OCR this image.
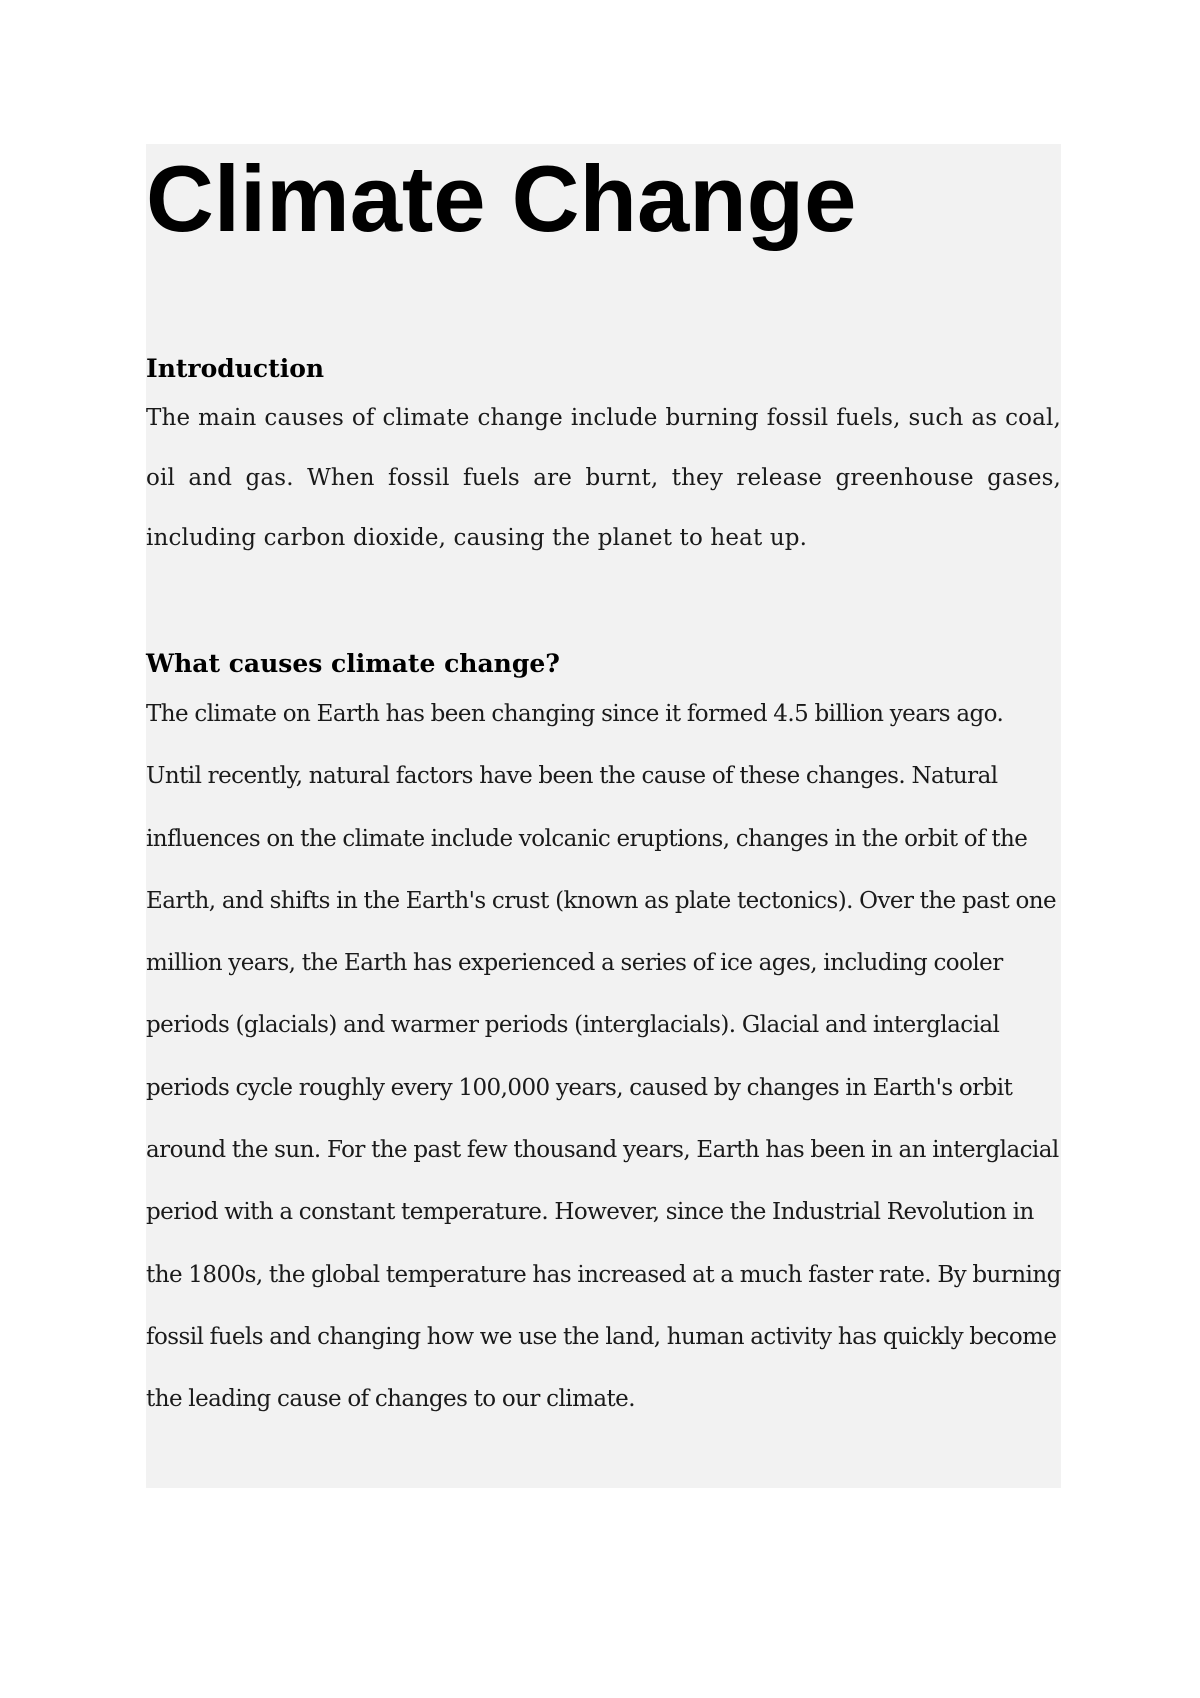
Climate Change
Introduction

The main causes of climate change include burning fossil fuels, such as coal, oil and gas. When fossil fuels are burnt, they release greenhouse gases, including carbon dioxide, causing the planet to heat up.

What causes climate change?

The climate on Earth has been changing since it formed 4.5 billion years ago. Until recently, natural factors have been the cause of these changes. Natural influences on the climate include volcanic eruptions, changes in the orbit of the Earth, and shifts in the Earth's crust (known as plate tectonics). Over the past one million years, the Earth has experienced a series of ice ages, including cooler periods (glacials) and warmer periods (interglacials). Glacial and interglacial periods cycle roughly every 100,000 years, caused by changes in Earth's orbit around the sun. For the past few thousand years, Earth has been in an interglacial period with a constant temperature. However, since the Industrial Revolution in the 1800s, the global temperature has increased at a much faster rate. By burning fossil fuels and changing how we use the land, human activity has quickly become the leading cause of changes to our climate.
